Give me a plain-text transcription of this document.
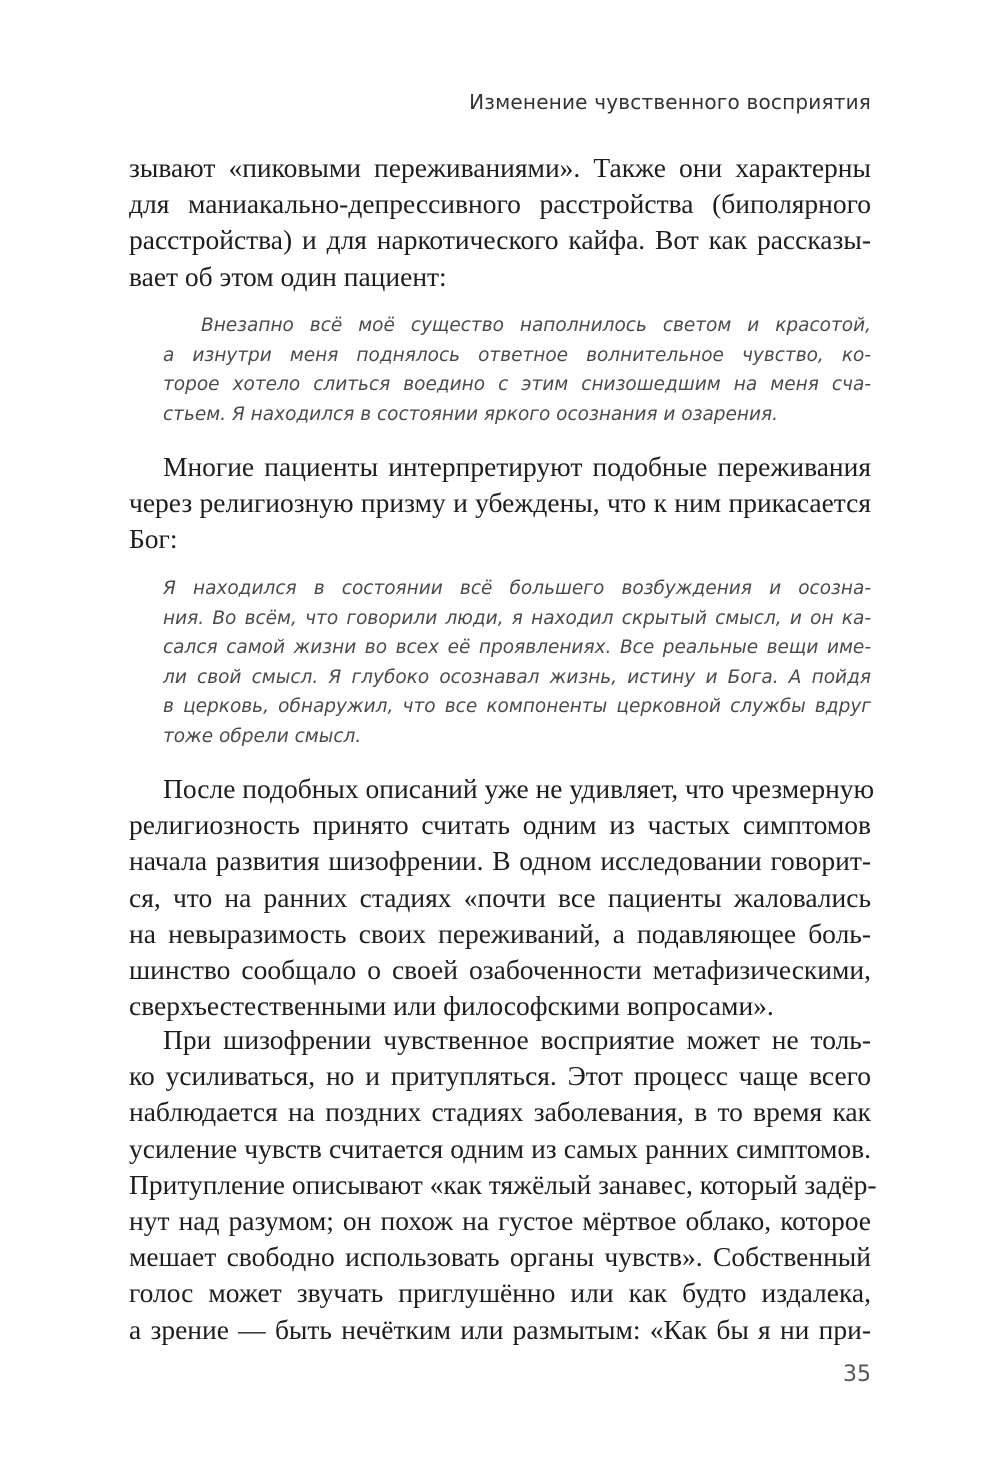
Изменение чувственного восприятия
зывают «пиковыми переживаниями». Также они характерны
для маниакально-депрессивного расстройства (биполярного
расстройства) и для наркотического кайфа. Вот как рассказы-
вает об этом один пациент:
Внезапно всё моё существо наполнилось светом и красотой,
а изнутри меня поднялось ответное волнительное чувство, ко-
торое хотело слиться воедино с этим снизошедшим на меня сча-
стьем. Я находился в состоянии яркого осознания и озарения.
Многие пациенты интерпретируют подобные переживания
через религиозную призму и убеждены, что к ним прикасается
Бог:
Я находился в состоянии всё большего возбуждения и осозна-
ния. Во всём, что говорили люди, я находил скрытый смысл, и он ка-
сался самой жизни во всех её проявлениях. Все реальные вещи име-
ли свой смысл. Я глубоко осознавал жизнь, истину и Бога. А пойдя
в церковь, обнаружил, что все компоненты церковной службы вдруг
тоже обрели смысл.
После подобных описаний уже не удивляет, что чрезмерную
религиозность принято считать одним из частых симптомов
начала развития шизофрении. В одном исследовании говорит-
ся, что на ранних стадиях «почти все пациенты жаловались
на невыразимость своих переживаний, а подавляющее боль-
шинство сообщало о своей озабоченности метафизическими,
сверхъестественными или философскими вопросами».
При шизофрении чувственное восприятие может не толь-
ко усиливаться, но и притупляться. Этот процесс чаще всего
наблюдается на поздних стадиях заболевания, в то время как
усиление чувств считается одним из самых ранних симптомов.
Притупление описывают «как тяжёлый занавес, который задёр-
нут над разумом; он похож на густое мёртвое облако, которое
мешает свободно использовать органы чувств». Собственный
голос может звучать приглушённо или как будто издалека,
а зрение — быть нечётким или размытым: «Как бы я ни при-
35
